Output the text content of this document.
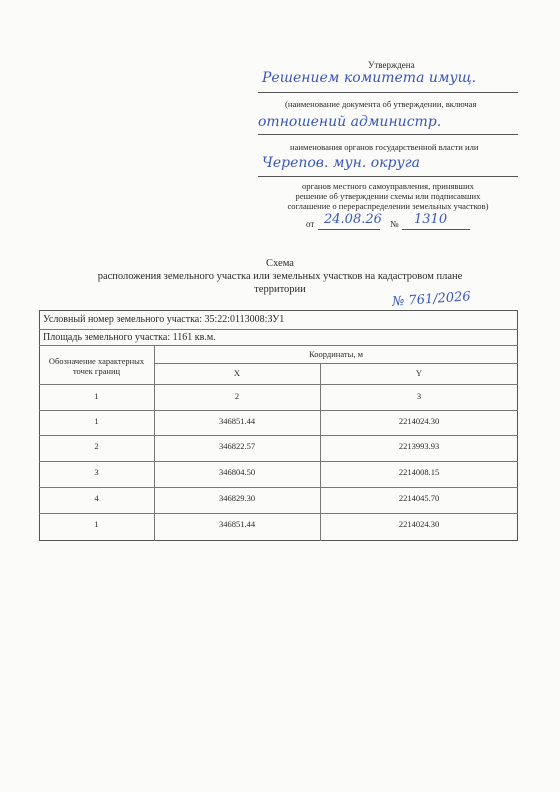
Утверждена
Решением комитета имущ.
(наименование документа об утверждении, включая
отношений администр.
наименования органов государственной власти или
Черепов. мун. округа
органов местного самоуправления, принявших
решение об утверждении схемы или подписавших
соглашение о перераспределении земельных участков)
от 24.08.26 № 1310
Схема
расположения земельного участка или земельных участков на кадастровом плане
территории	№ 761/2026
Условный номер земельного участка: 35:22:0113008:ЗУ1
Площадь земельного участка: 1161 кв.м.
Обозначение характерных точек границ
Координаты, м
X	Y
1	2	3
1	346851.44	2214024.30
2	346822.57	2213993.93
3	346804.50	2214008.15
4	346829.30	2214045.70
1	346851.44	2214024.30
